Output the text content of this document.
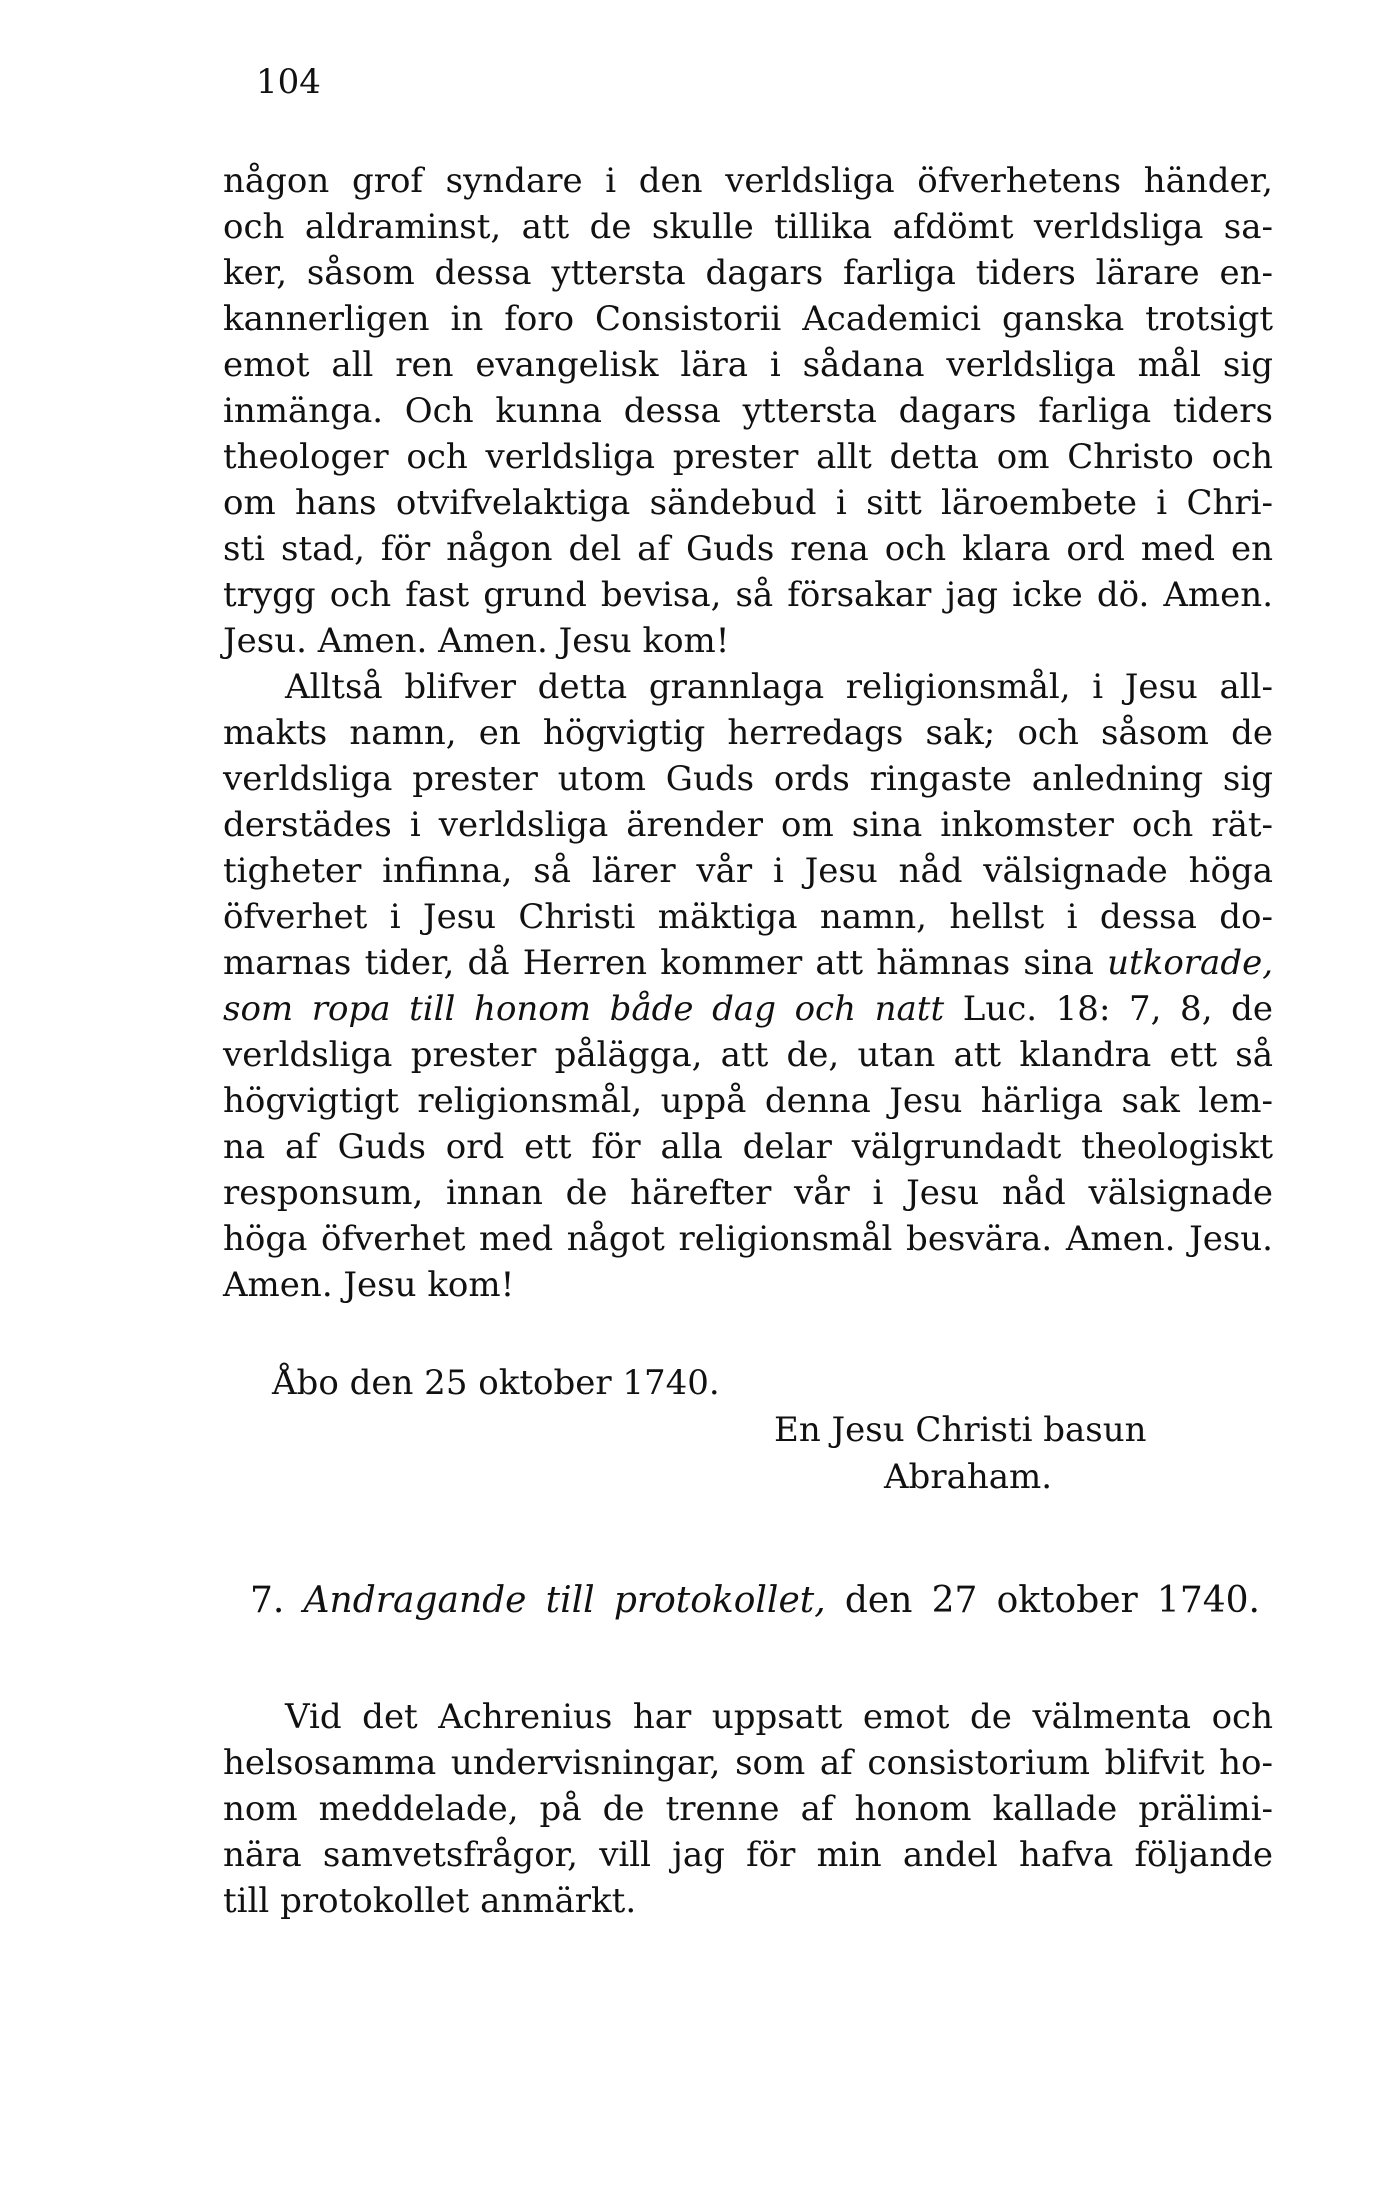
104
någon grof syndare i den verldsliga öfverhetens händer,
och aldraminst, att de skulle tillika afdömt verldsliga sa-
ker, såsom dessa yttersta dagars farliga tiders lärare en-
kannerligen in foro Consistorii Academici ganska trotsigt
emot all ren evangelisk lära i sådana verldsliga mål sig
inmänga. Och kunna dessa yttersta dagars farliga tiders
theologer och verldsliga prester allt detta om Christo och
om hans otvifvelaktiga sändebud i sitt läroembete i Chri-
sti stad, för någon del af Guds rena och klara ord med en
trygg och fast grund bevisa, så försakar jag icke dö. Amen.
Jesu. Amen. Amen. Jesu kom!
Alltså blifver detta grannlaga religionsmål, i Jesu all-
makts namn, en högvigtig herredags sak; och såsom de
verldsliga prester utom Guds ords ringaste anledning sig
derstädes i verldsliga ärender om sina inkomster och rät-
tigheter infinna, så lärer vår i Jesu nåd välsignade höga
öfverhet i Jesu Christi mäktiga namn, hellst i dessa do-
marnas tider, då Herren kommer att hämnas sina utkorade,
som ropa till honom både dag och natt Luc. 18: 7, 8, de
verldsliga prester pålägga, att de, utan att klandra ett så
högvigtigt religionsmål, uppå denna Jesu härliga sak lem-
na af Guds ord ett för alla delar välgrundadt theologiskt
responsum, innan de härefter vår i Jesu nåd välsignade
höga öfverhet med något religionsmål besvära. Amen. Jesu.
Amen. Jesu kom!
Åbo den 25 oktober 1740.
En Jesu Christi basun
Abraham.
7. Andragande till protokollet, den 27 oktober 1740.
Vid det Achrenius har uppsatt emot de välmenta och
helsosamma undervisningar, som af consistorium blifvit ho-
nom meddelade, på de trenne af honom kallade prälimi-
nära samvetsfrågor, vill jag för min andel hafva följande
till protokollet anmärkt.
